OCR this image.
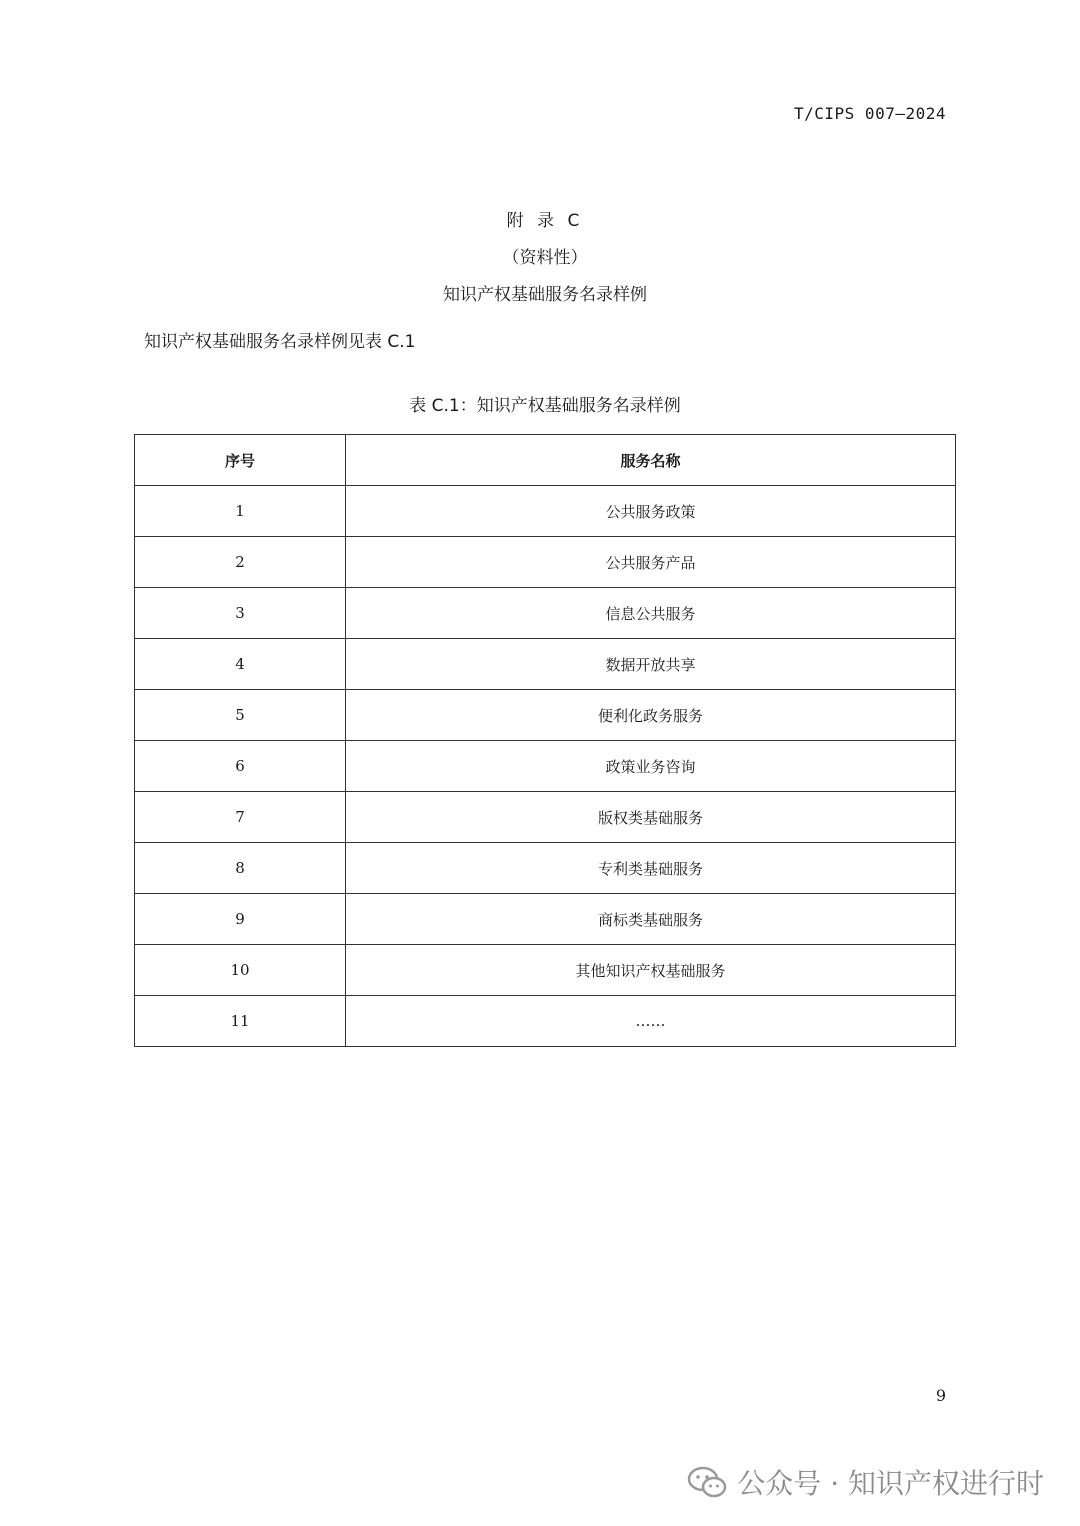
T/CIPS 007—2024
附 录 C
（资料性）
知识产权基础服务名录样例
知识产权基础服务名录样例见表 C.1
表 C.1：知识产权基础服务名录样例
序号	服务名称
1	公共服务政策
2	公共服务产品
3	信息公共服务
4	数据开放共享
5	便利化政务服务
6	政策业务咨询
7	版权类基础服务
8	专利类基础服务
9	商标类基础服务
10	其他知识产权基础服务
11	……
9
公众号 · 知识产权进行时
